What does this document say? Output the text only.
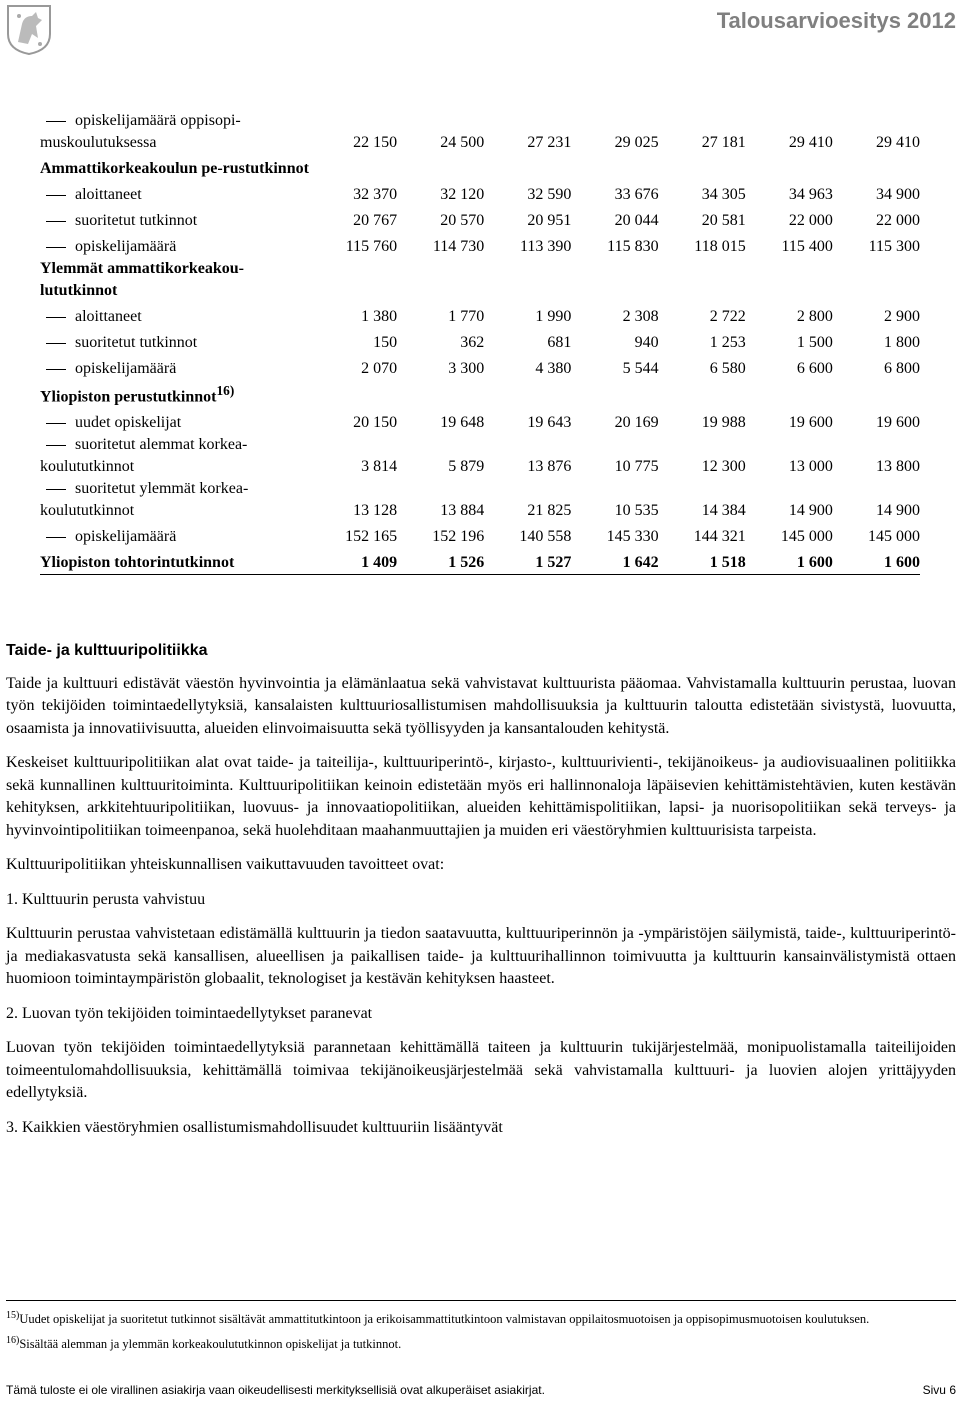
Talousarvioesitys 2012
opiskelijamäärä oppisopi-muskoulutuksessa	22 150	24 500	27 231	29 025	27 181	29 410	29 410
Ammattikorkeakoulun pe-rustutkinnot							
aloittaneet	32 370	32 120	32 590	33 676	34 305	34 963	34 900
suoritetut tutkinnot	20 767	20 570	20 951	20 044	20 581	22 000	22 000
opiskelijamäärä	115 760	114 730	113 390	115 830	118 015	115 400	115 300
Ylemmät ammattikorkeakou-lututkinnot							
aloittaneet	1 380	1 770	1 990	2 308	2 722	2 800	2 900
suoritetut tutkinnot	150	362	681	940	1 253	1 500	1 800
opiskelijamäärä	2 070	3 300	4 380	5 544	6 580	6 600	6 800
Yliopiston perustutkinnot$^{16)}$							
uudet opiskelijat	20 150	19 648	19 643	20 169	19 988	19 600	19 600
suoritetut alemmat korkea-koulututkinnot	3 814	5 879	13 876	10 775	12 300	13 000	13 800
suoritetut ylemmät korkea-koulututkinnot	13 128	13 884	21 825	10 535	14 384	14 900	14 900
opiskelijamäärä	152 165	152 196	140 558	145 330	144 321	145 000	145 000
Yliopiston tohtorintutkinnot	1 409	1 526	1 527	1 642	1 518	1 600	1 600
Taide- ja kulttuuripolitiikka

Taide ja kulttuuri edistävät väestön hyvinvointia ja elämänlaatua sekä vahvistavat kulttuurista pääomaa. Vahvistamalla kulttuurin perustaa, luovan työn tekijöiden toimintaedellytyksiä, kansalaisten kulttuuriosallistumisen mahdollisuuksia ja kulttuurin taloutta edistetään sivistystä, luovuutta, osaamista ja innovatiivisuutta, alueiden elinvoimaisuutta sekä työllisyyden ja kansantalouden kehitystä.

Keskeiset kulttuuripolitiikan alat ovat taide- ja taiteilija-, kulttuuriperintö-, kirjasto-, kulttuurivienti-, tekijänoikeus- ja audiovisuaalinen politiikka sekä kunnallinen kulttuuritoiminta. Kulttuuripolitiikan keinoin edistetään myös eri hallinnonaloja läpäisevien kehittämistehtävien, kuten kestävän kehityksen, arkkitehtuuripolitiikan, luovuus- ja innovaatiopolitiikan, alueiden kehittämispolitiikan, lapsi- ja nuorisopolitiikan sekä terveys- ja hyvinvointipolitiikan toimeenpanoa, sekä huolehditaan maahanmuuttajien ja muiden eri väestöryhmien kulttuurisista tarpeista.

Kulttuuripolitiikan yhteiskunnallisen vaikuttavuuden tavoitteet ovat:

1. Kulttuurin perusta vahvistuu

Kulttuurin perustaa vahvistetaan edistämällä kulttuurin ja tiedon saatavuutta, kulttuuriperinnön ja -ympäristöjen säilymistä, taide-, kulttuuriperintö- ja mediakasvatusta sekä kansallisen, alueellisen ja paikallisen taide- ja kulttuurihallinnon toimivuutta ja kulttuurin kansainvälistymistä ottaen huomioon toimintaympäristön globaalit, teknologiset ja kestävän kehityksen haasteet.

2. Luovan työn tekijöiden toimintaedellytykset paranevat

Luovan työn tekijöiden toimintaedellytyksiä parannetaan kehittämällä taiteen ja kulttuurin tukijärjestelmää, monipuolistamalla taiteilijoiden toimeentulomahdollisuuksia, kehittämällä toimivaa tekijänoikeusjärjestelmää sekä vahvistamalla kulttuuri- ja luovien alojen yrittäjyyden edellytyksiä.

3. Kaikkien väestöryhmien osallistumismahdollisuudet kulttuuriin lisääntyvät

$^{15)}$Uudet opiskelijat ja suoritetut tutkinnot sisältävät ammattitutkintoon ja erikoisammattitutkintoon valmistavan oppilaitosmuotoisen ja oppisopimusmuotoisen koulutuksen.

$^{16)}$Sisältää alemman ja ylemmän korkeakoulututkinnon opiskelijat ja tutkinnot.

Tämä tuloste ei ole virallinen asiakirja vaan oikeudellisesti merkityksellisiä ovat alkuperäiset asiakirjat.	Sivu 6
